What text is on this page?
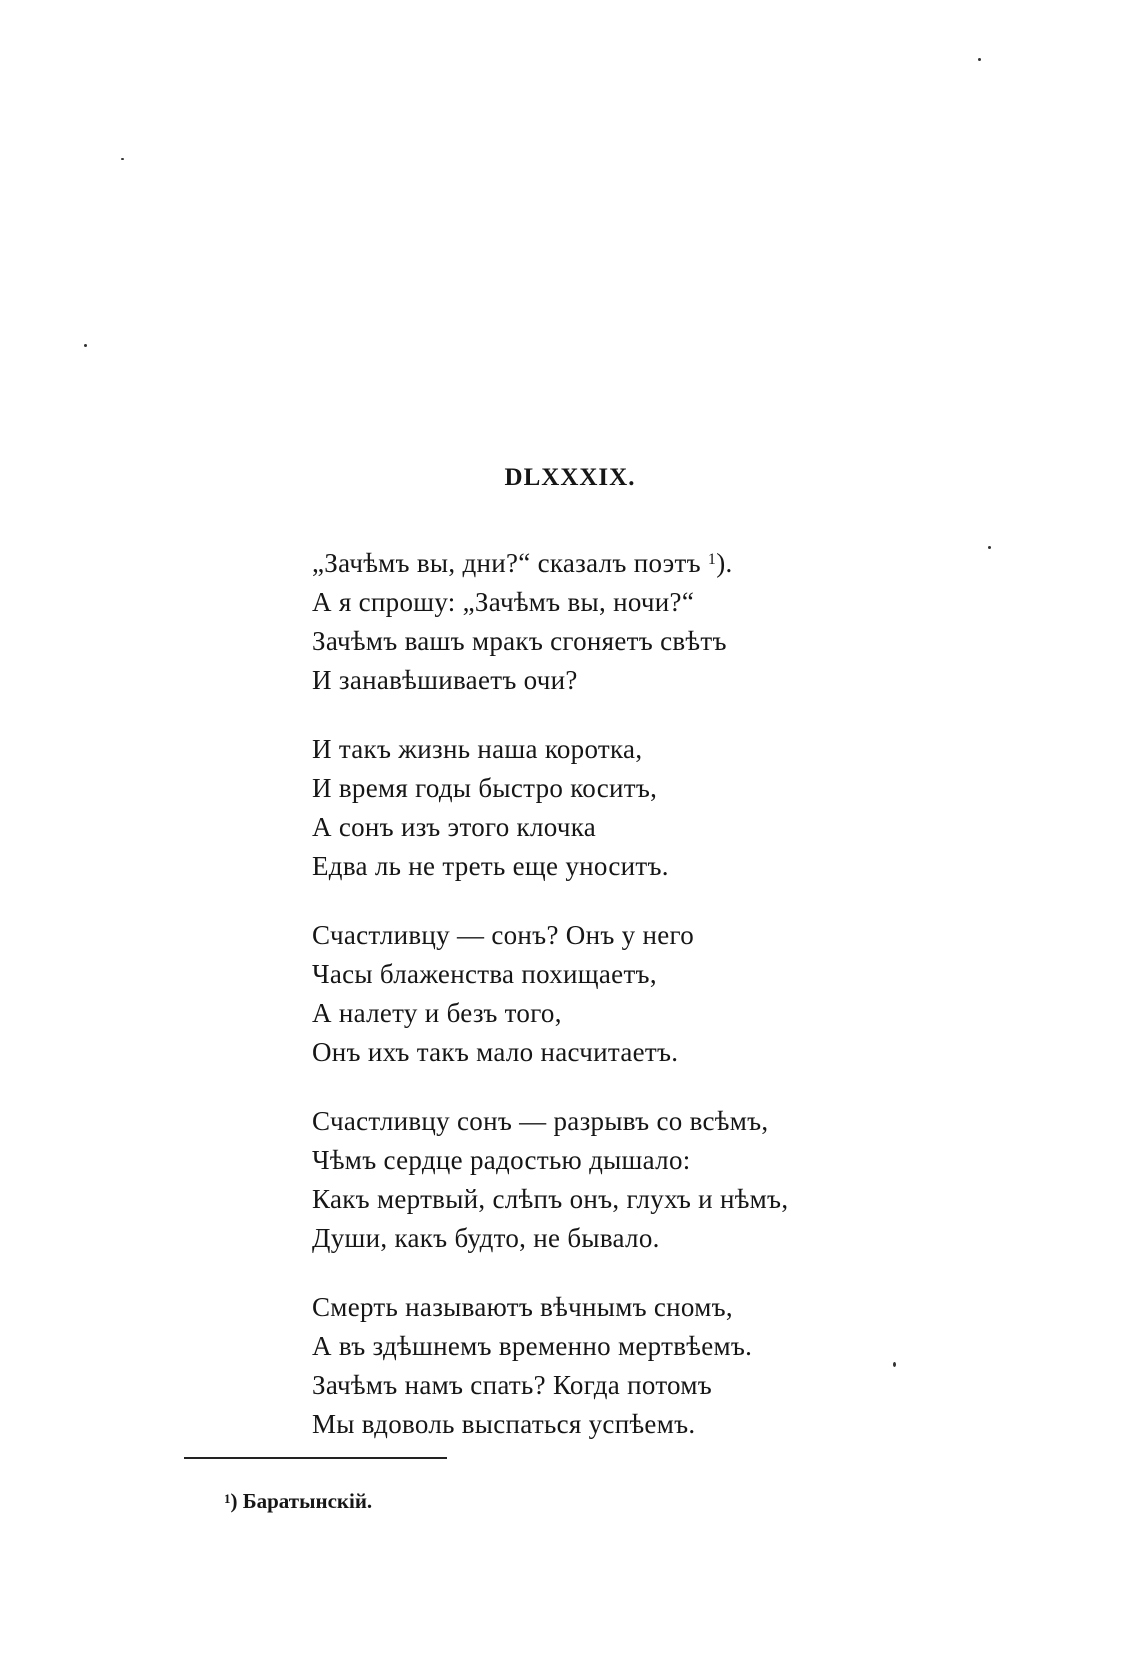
DLXXXIX.
„Зачѣмъ вы, дни?“ сказалъ поэтъ $^1$).
А я спрошу: „Зачѣмъ вы, ночи?“
Зачѣмъ вашъ мракъ сгоняетъ свѣтъ
И занавѣшиваетъ очи?
И такъ жизнь наша коротка,
И время годы быстро коситъ,
А сонъ изъ этого клочка
Едва ль не треть еще уноситъ.
Счастливцу — сонъ? Онъ у него
Часы блаженства похищаетъ,
А налету и безъ того,
Онъ ихъ такъ мало насчитаетъ.
Счастливцу сонъ — разрывъ со всѣмъ,
Чѣмъ сердце радостью дышало:
Какъ мертвый, слѣпъ онъ, глухъ и нѣмъ,
Души, какъ будто, не бывало.
Смерть называютъ вѣчнымъ сномъ,
А въ здѣшнемъ временно мертвѣемъ.
Зачѣмъ намъ спать? Когда потомъ
Мы вдоволь выспаться успѣемъ.
$^1$) Баратынскій.
